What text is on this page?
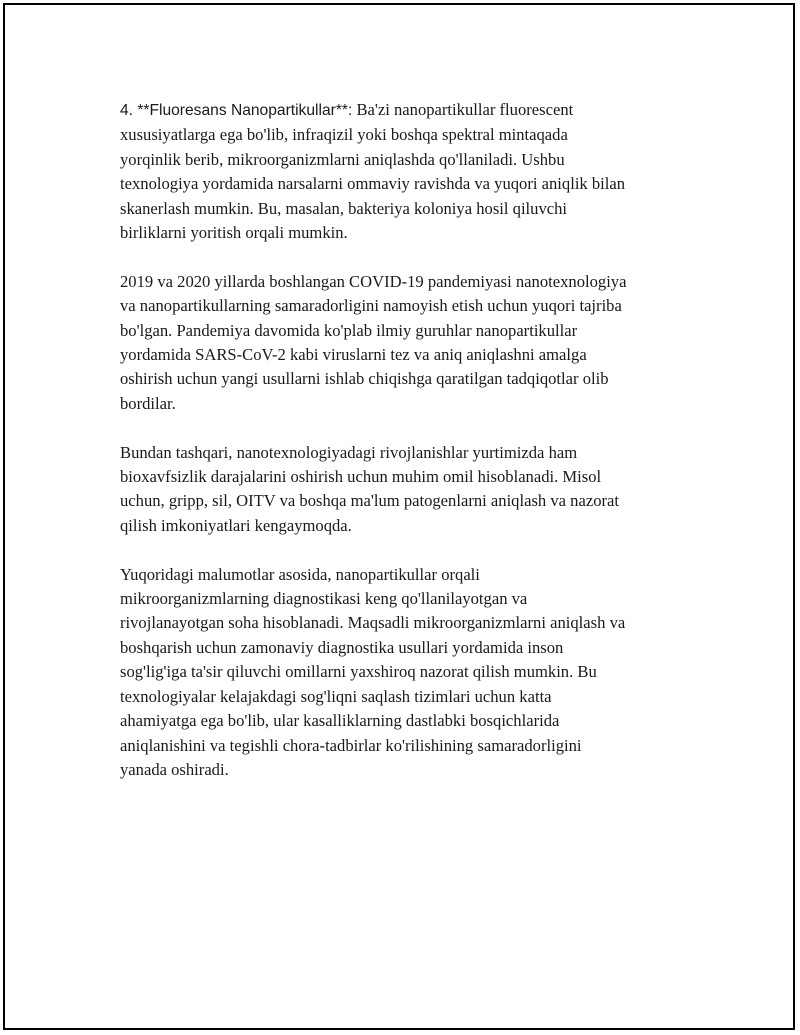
4. **Fluoresans Nanopartikullar**: Ba'zi nanopartikullar fluorescent
xususiyatlarga ega bo'lib, infraqizil yoki boshqa spektral mintaqada
yorqinlik berib, mikroorganizmlarni aniqlashda qo'llaniladi. Ushbu
texnologiya yordamida narsalarni ommaviy ravishda va yuqori aniqlik bilan
skanerlash mumkin. Bu, masalan, bakteriya koloniya hosil qiluvchi
birliklarni yoritish orqali mumkin.
2019 va 2020 yillarda boshlangan COVID-19 pandemiyasi nanotexnologiya
va nanopartikullarning samaradorligini namoyish etish uchun yuqori tajriba
bo'lgan. Pandemiya davomida ko'plab ilmiy guruhlar nanopartikullar
yordamida SARS-CoV-2 kabi viruslarni tez va aniq aniqlashni amalga
oshirish uchun yangi usullarni ishlab chiqishga qaratilgan tadqiqotlar olib
bordilar.
Bundan tashqari, nanotexnologiyadagi rivojlanishlar yurtimizda ham
bioxavfsizlik darajalarini oshirish uchun muhim omil hisoblanadi. Misol
uchun, gripp, sil, OITV va boshqa ma'lum patogenlarni aniqlash va nazorat
qilish imkoniyatlari kengaymoqda.
Yuqoridagi malumotlar asosida, nanopartikullar orqali
mikroorganizmlarning diagnostikasi keng qo'llanilayotgan va
rivojlanayotgan soha hisoblanadi. Maqsadli mikroorganizmlarni aniqlash va
boshqarish uchun zamonaviy diagnostika usullari yordamida inson
sog'lig'iga ta'sir qiluvchi omillarni yaxshiroq nazorat qilish mumkin. Bu
texnologiyalar kelajakdagi sog'liqni saqlash tizimlari uchun katta
ahamiyatga ega bo'lib, ular kasalliklarning dastlabki bosqichlarida
aniqlanishini va tegishli chora-tadbirlar ko'rilishining samaradorligini
yanada oshiradi.
